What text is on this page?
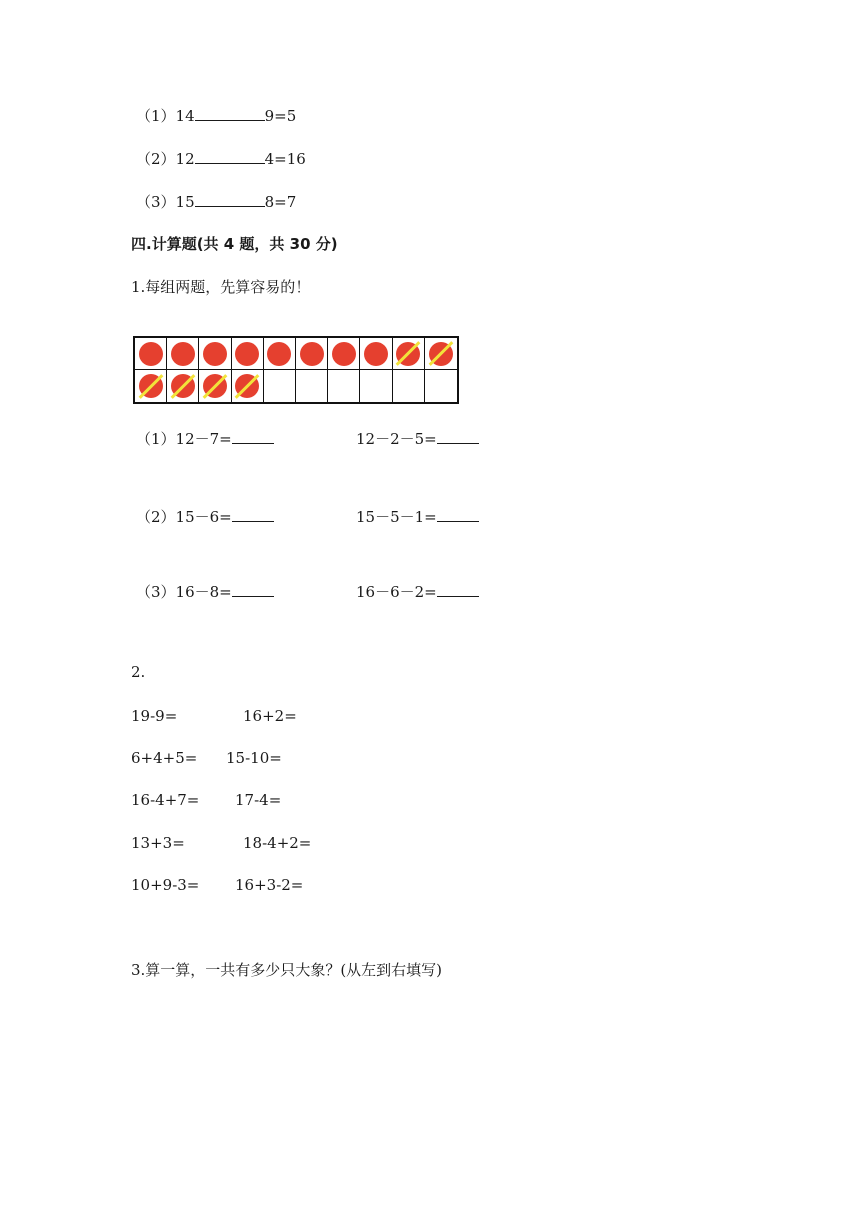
（1）14	9=5
（2）12	4=16
（3）15	8=7
四.计算题(共 4 题，共 30 分)
1.每组两题，先算容易的！
（1）12－7=	12－2－5=
（2）15－6=	15－5－1=
（3）16－8=	16－6－2=
2.
19-9=	16+2=
6+4+5= 15-10=
16-4+7= 17-4=
13+3=	18-4+2=
10+9-3= 16+3-2=
3.算一算，一共有多少只大象？(从左到右填写)
